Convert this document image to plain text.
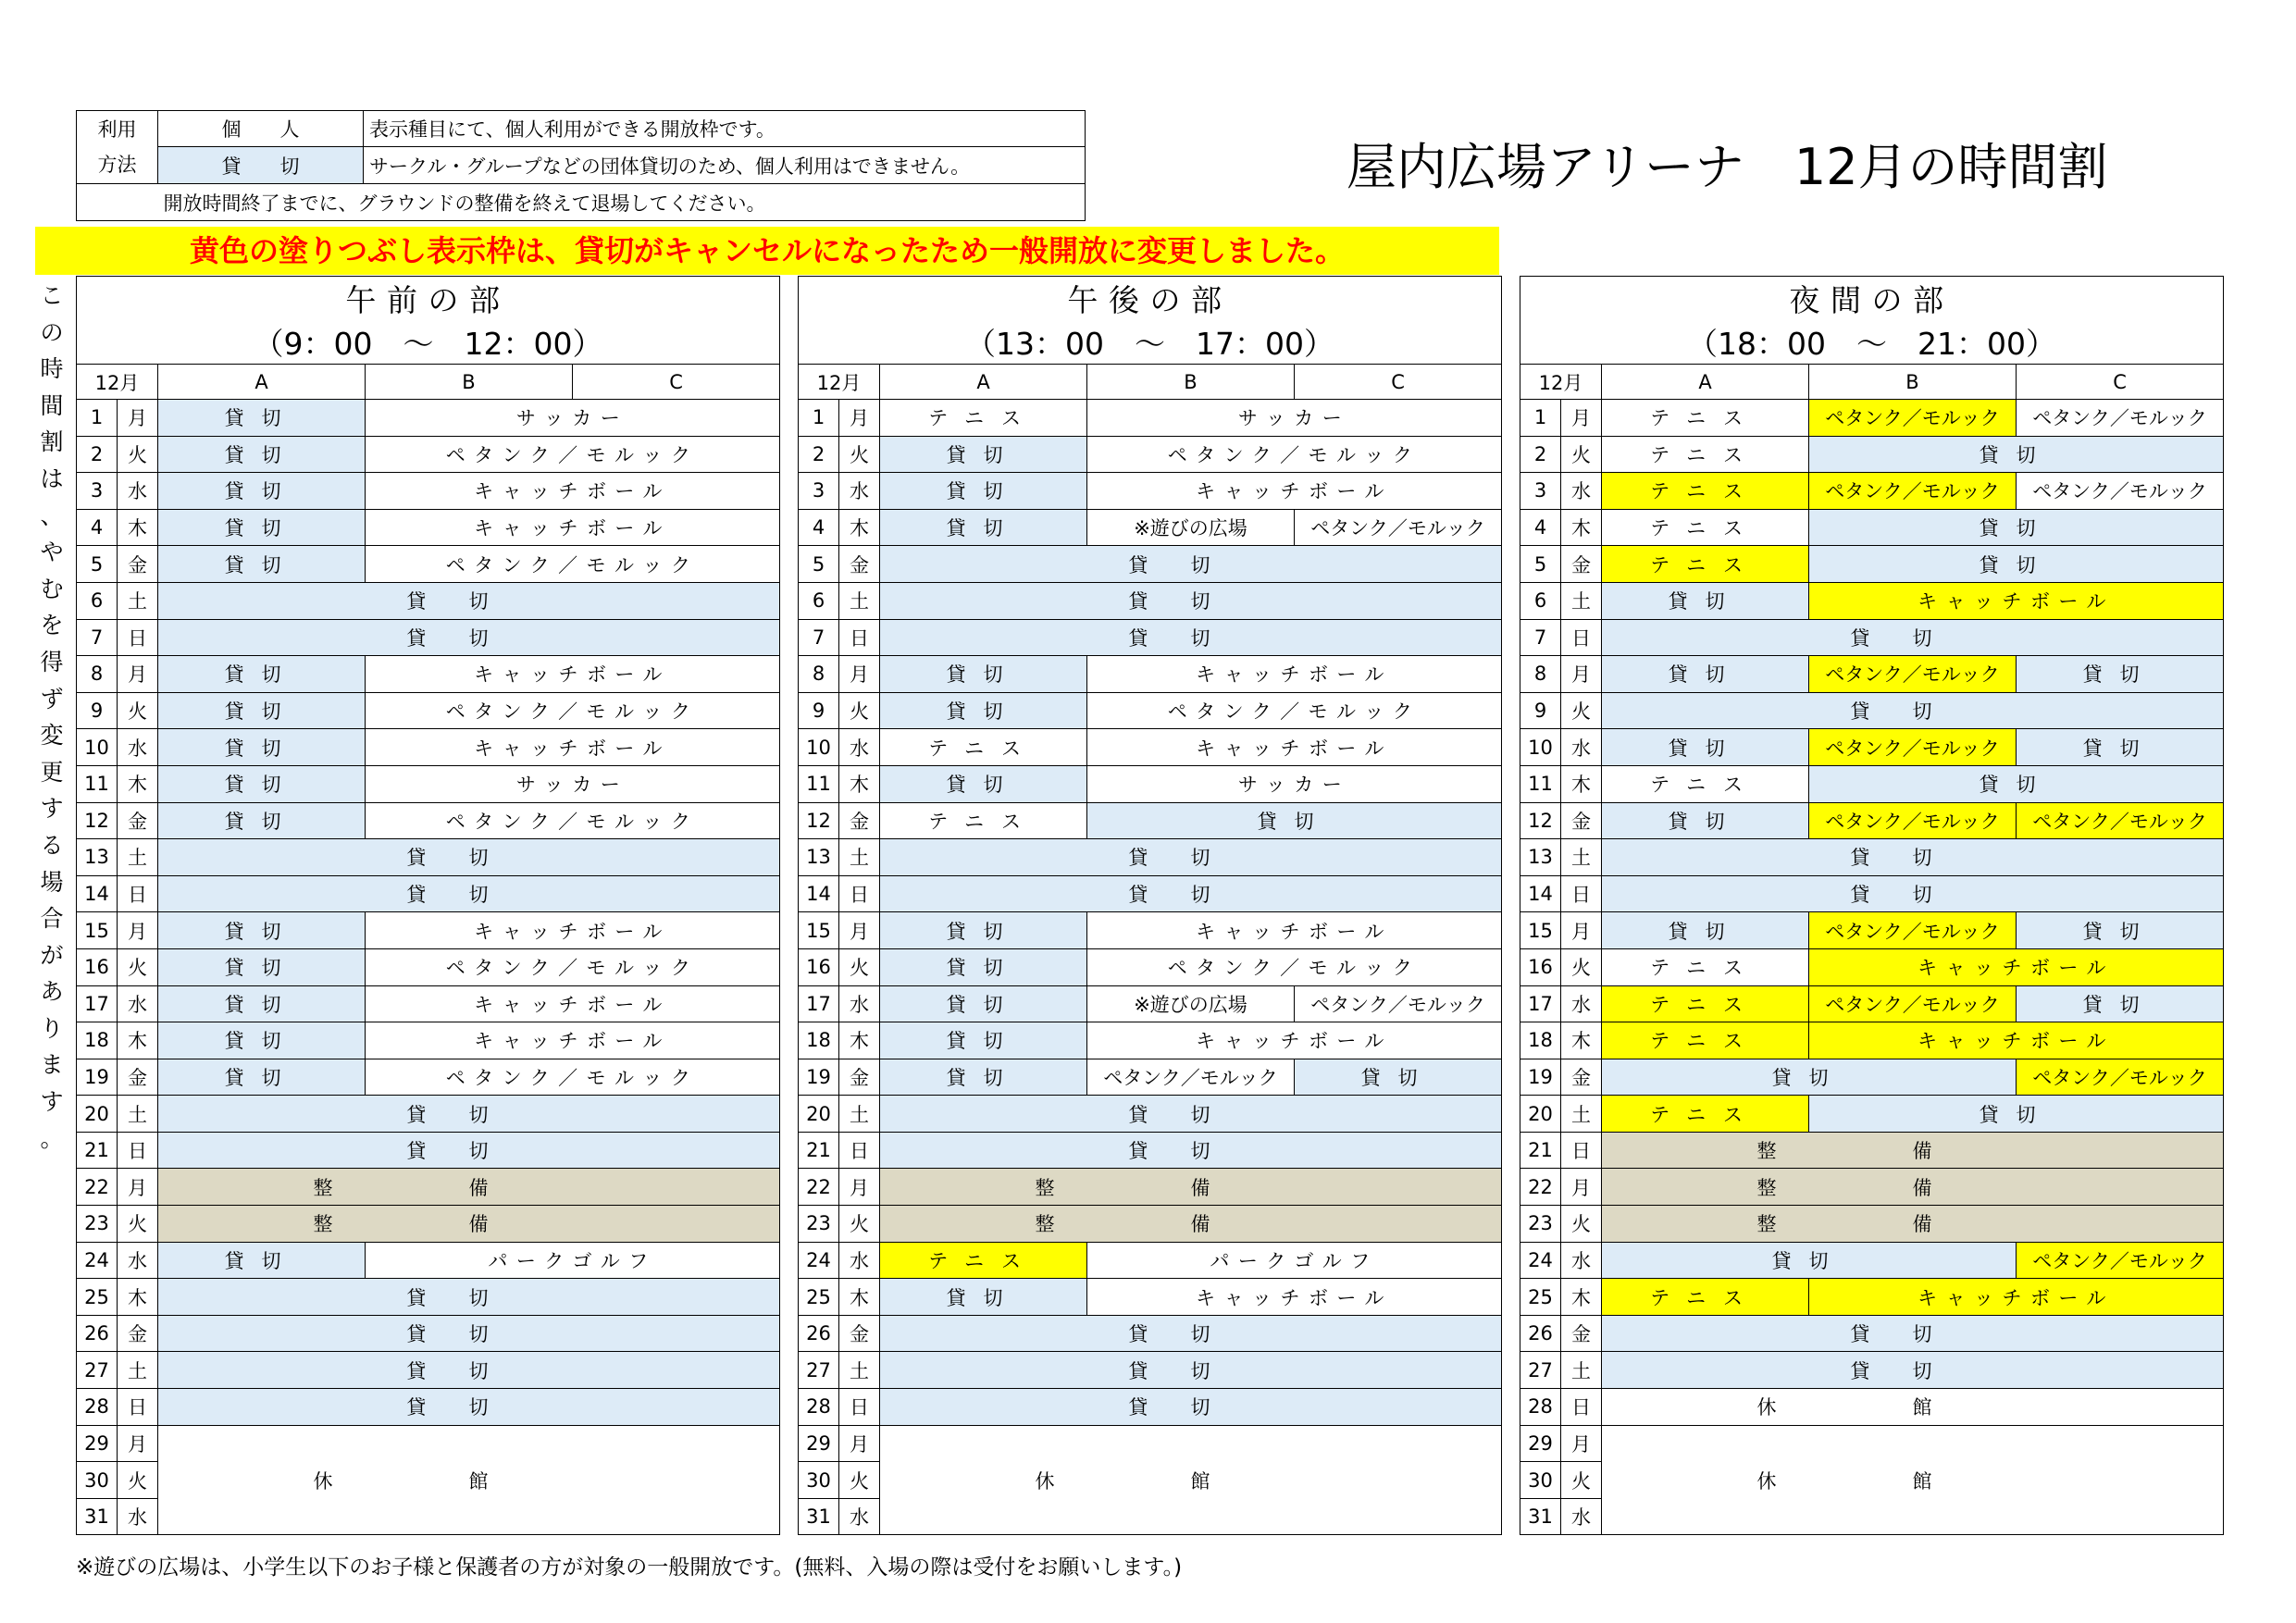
利用
方法	個　　人	表示種目にて、個人利用ができる開放枠です。
	貸　　切	サークル・グループなどの団体貸切のため、個人利用はできません。
	開放時間終了までに、グラウンドの整備を終えて退場してください。	
屋内広場アリーナ　12月の時間割
黄色の塗りつぶし表示枠は、貸切がキャンセルになったため一般開放に変更しました。
こ
の
時
間
割
は
、
や
む
を
得
ず
変
更
す
る
場
合
が
あ
り
ま
す
。
午前の部				
（9：00　～　12：00）				
12月		A	B	C
1	月	貸切	サッカー	
2	火	貸切	ペタンク／モルック	
3	水	貸切	キャッチボール	
4	木	貸切	キャッチボール	
5	金	貸切	ペタンク／モルック	
6	土	貸切		
7	日	貸切		
8	月	貸切	キャッチボール	
9	火	貸切	ペタンク／モルック	
10	水	貸切	キャッチボール	
11	木	貸切	サッカー	
12	金	貸切	ペタンク／モルック	
13	土	貸切		
14	日	貸切		
15	月	貸切	キャッチボール	
16	火	貸切	ペタンク／モルック	
17	水	貸切	キャッチボール	
18	木	貸切	キャッチボール	
19	金	貸切	ペタンク／モルック	
20	土	貸切		
21	日	貸切		
22	月	整備		
23	火	整備		
24	水	貸切	パークゴルフ	
25	木	貸切		
26	金	貸切		
27	土	貸切		
28	日	貸切		
29	月	休館		
30	火			
31	水			
午後の部				
（13：00　～　17：00）				
12月		A	B	C
1	月	テニス	サッカー	
2	火	貸切	ペタンク／モルック	
3	水	貸切	キャッチボール	
4	木	貸切	※遊びの広場	ペタンク／モルック
5	金	貸切		
6	土	貸切		
7	日	貸切		
8	月	貸切	キャッチボール	
9	火	貸切	ペタンク／モルック	
10	水	テニス	キャッチボール	
11	木	貸切	サッカー	
12	金	テニス	貸切	
13	土	貸切		
14	日	貸切		
15	月	貸切	キャッチボール	
16	火	貸切	ペタンク／モルック	
17	水	貸切	※遊びの広場	ペタンク／モルック
18	木	貸切	キャッチボール	
19	金	貸切	ペタンク／モルック	貸切
20	土	貸切		
21	日	貸切		
22	月	整備		
23	火	整備		
24	水	テニス	パークゴルフ	
25	木	貸切	キャッチボール	
26	金	貸切		
27	土	貸切		
28	日	貸切		
29	月	休館		
30	火			
31	水			
夜間の部				
（18：00　～　21：00）				
12月		A	B	C
1	月	テニス	ペタンク／モルック	ペタンク／モルック
2	火	テニス	貸切	
3	水	テニス	ペタンク／モルック	ペタンク／モルック
4	木	テニス	貸切	
5	金	テニス	貸切	
6	土	貸切	キャッチボール	
7	日	貸切		
8	月	貸切	ペタンク／モルック	貸切
9	火	貸切		
10	水	貸切	ペタンク／モルック	貸切
11	木	テニス	貸切	
12	金	貸切	ペタンク／モルック	ペタンク／モルック
13	土	貸切		
14	日	貸切		
15	月	貸切	ペタンク／モルック	貸切
16	火	テニス	キャッチボール	
17	水	テニス	ペタンク／モルック	貸切
18	木	テニス	キャッチボール	
19	金	貸切		ペタンク／モルック
20	土	テニス	貸切	
21	日	整備		
22	月	整備		
23	火	整備		
24	水	貸切		ペタンク／モルック
25	木	テニス	キャッチボール	
26	金	貸切		
27	土	貸切		
28	日	休館		
29	月	休館		
30	火			
31	水			
※遊びの広場は、小学生以下のお子様と保護者の方が対象の一般開放です。(無料、入場の際は受付をお願いします。)
